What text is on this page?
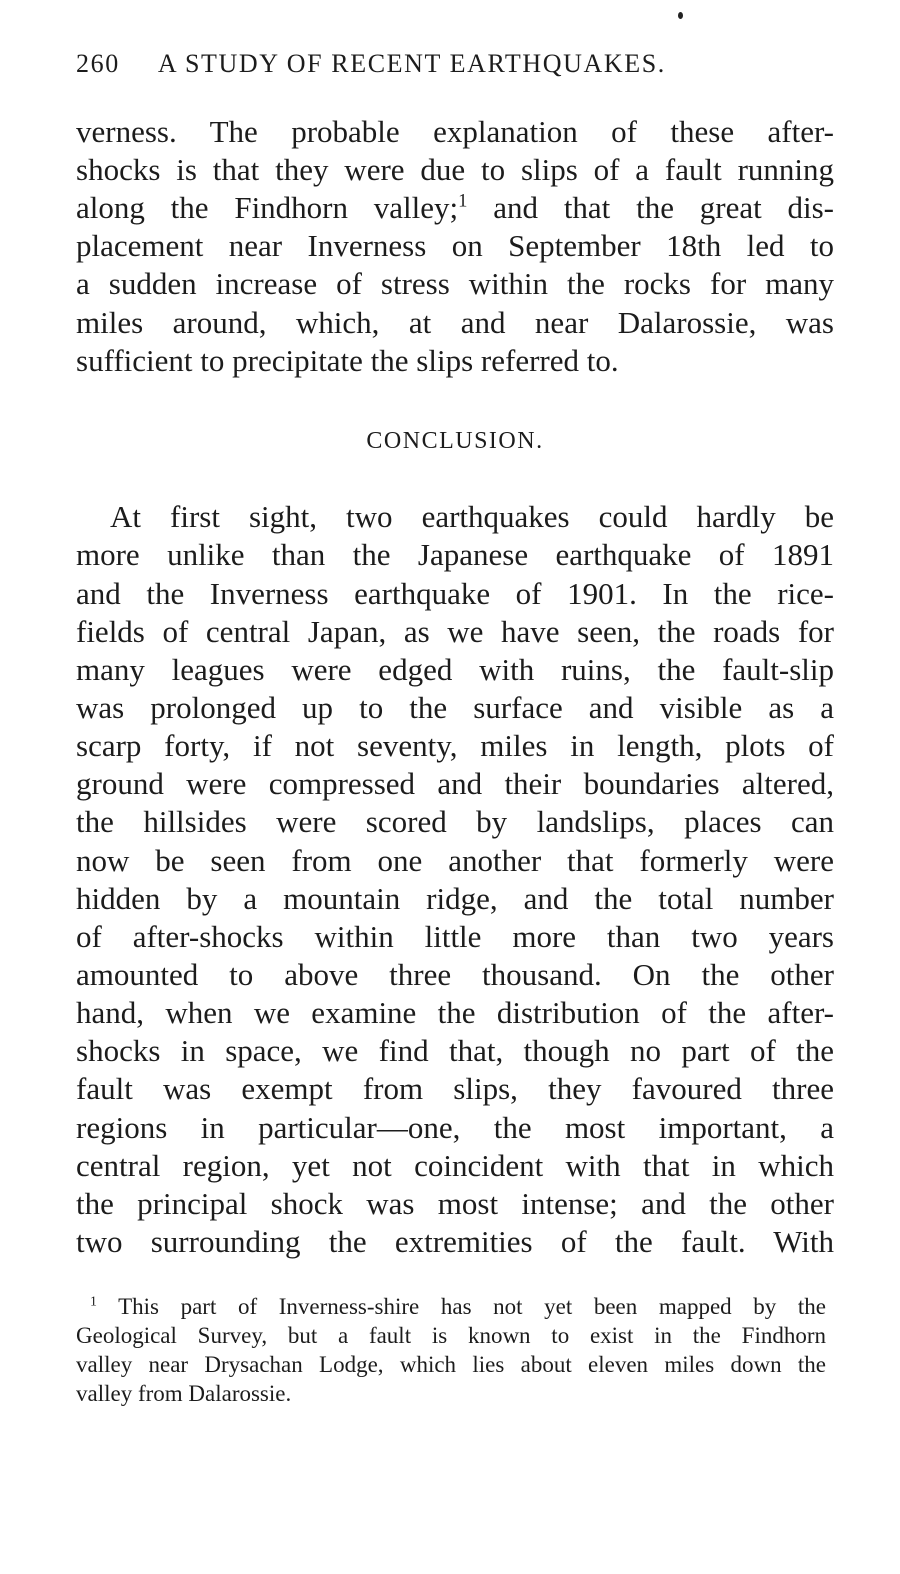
260 A STUDY OF RECENT EARTHQUAKES.
verness. The probable explanation of these after-
shocks is that they were due to slips of a fault running
along the Findhorn valley;$^1$ and that the great dis-
placement near Inverness on September 18th led to
a sudden increase of stress within the rocks for many
miles around, which, at and near Dalarossie, was
sufficient to precipitate the slips referred to.
CONCLUSION.
At first sight, two earthquakes could hardly be
more unlike than the Japanese earthquake of 1891
and the Inverness earthquake of 1901. In the rice-
fields of central Japan, as we have seen, the roads for
many leagues were edged with ruins, the fault-slip
was prolonged up to the surface and visible as a
scarp forty, if not seventy, miles in length, plots of
ground were compressed and their boundaries altered,
the hillsides were scored by landslips, places can
now be seen from one another that formerly were
hidden by a mountain ridge, and the total number
of after-shocks within little more than two years
amounted to above three thousand. On the other
hand, when we examine the distribution of the after-
shocks in space, we find that, though no part of the
fault was exempt from slips, they favoured three
regions in particular—one, the most important, a
central region, yet not coincident with that in which
the principal shock was most intense; and the other
two surrounding the extremities of the fault. With
$^1$ This part of Inverness-shire has not yet been mapped by the
Geological Survey, but a fault is known to exist in the Findhorn
valley near Drysachan Lodge, which lies about eleven miles down the
valley from Dalarossie.
